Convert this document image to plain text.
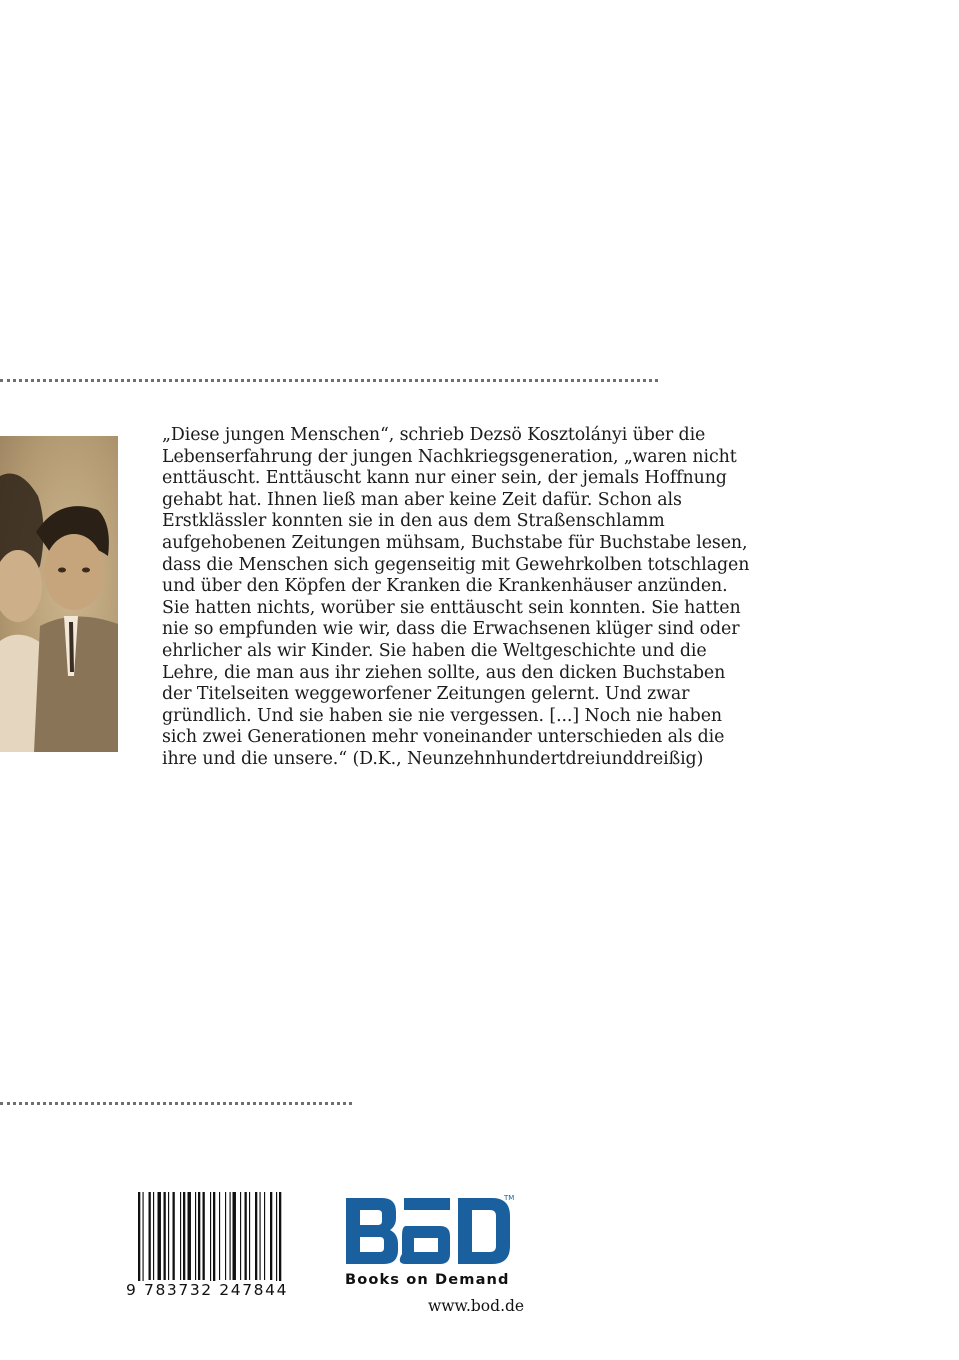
„Diese jungen Menschen“, schrieb Dezsö Kosztolányi über die
Lebenserfahrung der jungen Nachkriegsgeneration, „waren nicht
enttäuscht. Enttäuscht kann nur einer sein, der jemals Hoffnung
gehabt hat. Ihnen ließ man aber keine Zeit dafür. Schon als
Erstklässler konnten sie in den aus dem Straßenschlamm
aufgehobenen Zeitungen mühsam, Buchstabe für Buchstabe lesen,
dass die Menschen sich gegenseitig mit Gewehrkolben totschlagen
und über den Köpfen der Kranken die Krankenhäuser anzünden.
Sie hatten nichts, worüber sie enttäuscht sein konnten. Sie hatten
nie so empfunden wie wir, dass die Erwachsenen klüger sind oder
ehrlicher als wir Kinder. Sie haben die Weltgeschichte und die
Lehre, die man aus ihr ziehen sollte, aus den dicken Buchstaben
der Titelseiten weggeworfener Zeitungen gelernt. Und zwar
gründlich. Und sie haben sie nie vergessen. [...] Noch nie haben
sich zwei Generationen mehr voneinander unterschieden als die
ihre und die unsere.“ (D.K., Neunzehnhundertdreiunddreißig)
9 783732 247844
TM
Books on Demand
www.bod.de
